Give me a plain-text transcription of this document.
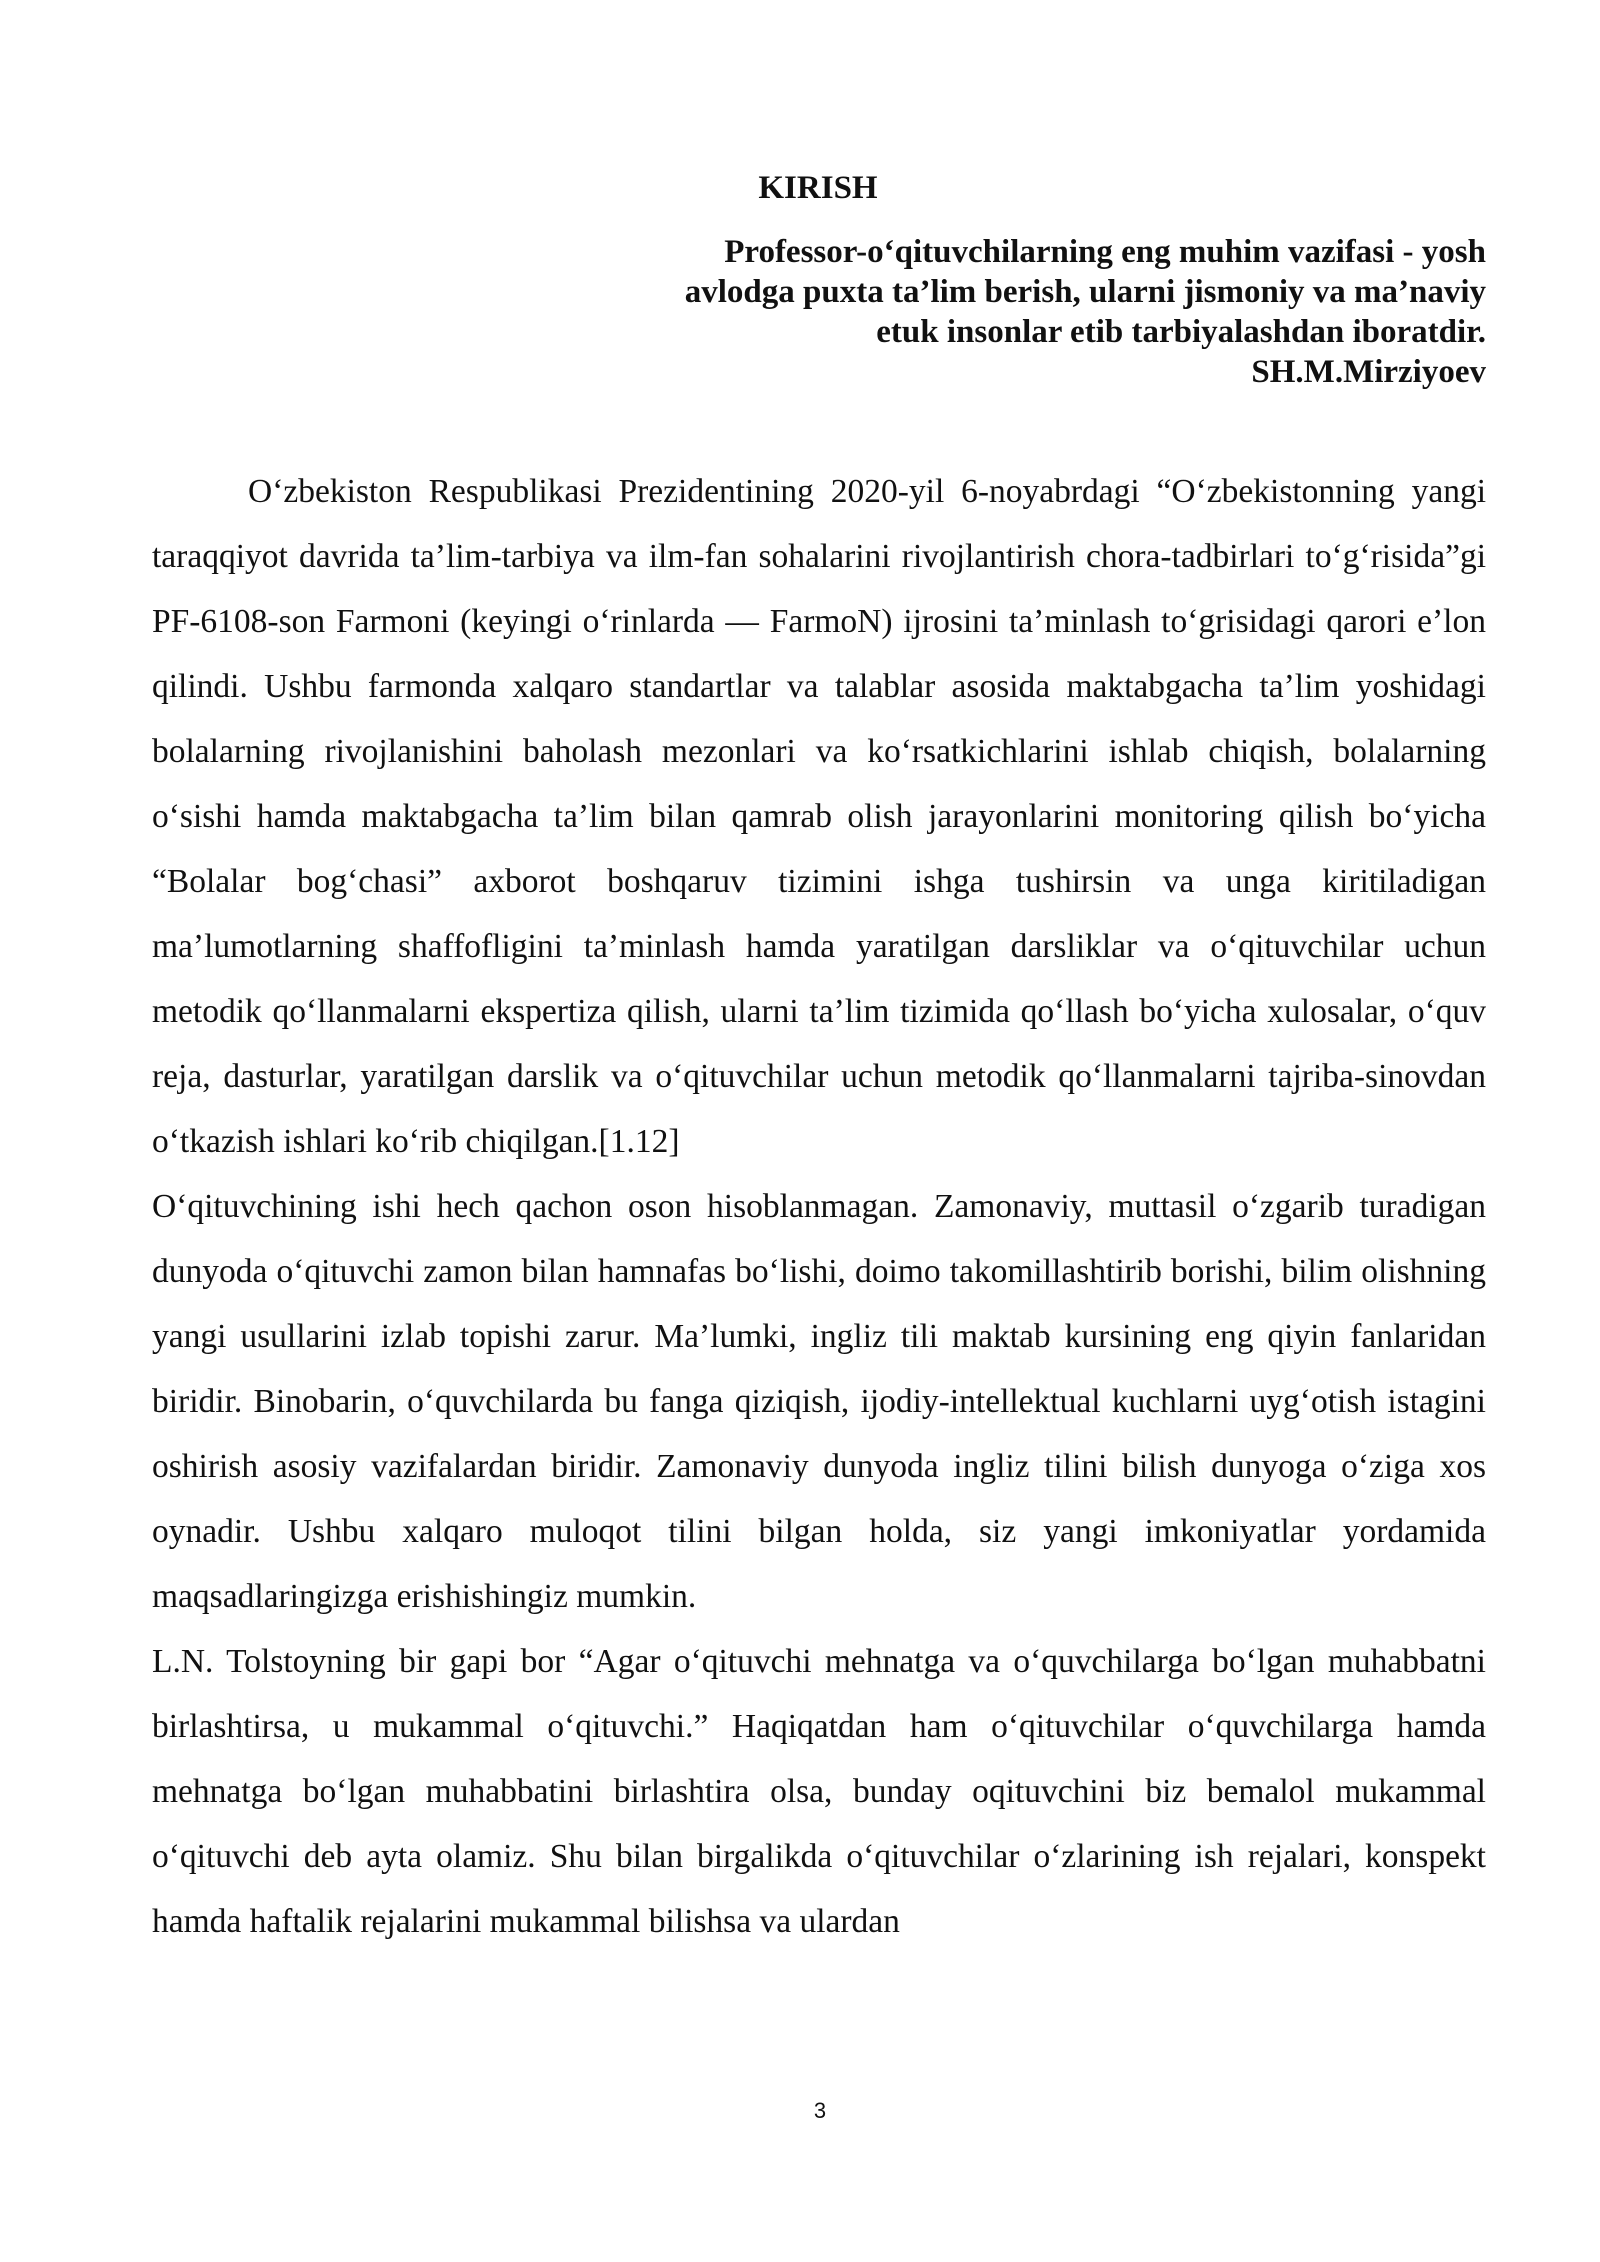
KIRISH
Professor-o‘qituvchilarning eng muhim vazifasi - yosh
avlodga puxta ta’lim berish, ularni jismoniy va ma’naviy
etuk insonlar etib tarbiyalashdan iboratdir.
SH.M.Mirziyoev

O‘zbekiston Respublikasi Prezidentining 2020-yil 6-noyabrdagi “O‘zbekistonning yangi taraqqiyot davrida ta’lim-tarbiya va ilm-fan sohalarini rivojlantirish chora-tadbirlari to‘g‘risida”gi PF-6108-son Farmoni (keyingi o‘rinlarda — FarmoN) ijrosini ta’minlash to‘grisidagi qarori e’lon qilindi. Ushbu farmonda xalqaro standartlar va talablar asosida maktabgacha ta’lim yoshidagi bolalarning rivojlanishini baholash mezonlari va ko‘rsatkichlarini ishlab chiqish, bolalarning o‘sishi hamda maktabgacha ta’lim bilan qamrab olish jarayonlarini monitoring qilish bo‘yicha “Bolalar bog‘chasi” axborot boshqaruv tizimini ishga tushirsin va unga kiritiladigan ma’lumotlarning shaffofligini ta’minlash hamda yaratilgan darsliklar va o‘qituvchilar uchun metodik qo‘llanmalarni ekspertiza qilish, ularni ta’lim tizimida qo‘llash bo‘yicha xulosalar, o‘quv reja, dasturlar, yaratilgan darslik va o‘qituvchilar uchun metodik qo‘llanmalarni tajriba-sinovdan o‘tkazish ishlari ko‘rib chiqilgan.[1.12]

O‘qituvchining ishi hech qachon oson hisoblanmagan. Zamonaviy, muttasil o‘zgarib turadigan dunyoda o‘qituvchi zamon bilan hamnafas bo‘lishi, doimo takomillashtirib borishi, bilim olishning yangi usullarini izlab topishi zarur. Ma’lumki, ingliz tili maktab kursining eng qiyin fanlaridan biridir. Binobarin, o‘quvchilarda bu fanga qiziqish, ijodiy-intellektual kuchlarni uyg‘otish istagini oshirish asosiy vazifalardan biridir. Zamonaviy dunyoda ingliz tilini bilish dunyoga o‘ziga xos oynadir. Ushbu xalqaro muloqot tilini bilgan holda, siz yangi imkoniyatlar yordamida maqsadlaringizga erishishingiz mumkin.

L.N. Tolstoyning bir gapi bor “Agar o‘qituvchi mehnatga va o‘quvchilarga bo‘lgan muhabbatni birlashtirsa, u mukammal o‘qituvchi.” Haqiqatdan ham o‘qituvchilar o‘quvchilarga hamda mehnatga bo‘lgan muhabbatini birlashtira olsa, bunday oqituvchini biz bemalol mukammal o‘qituvchi deb ayta olamiz. Shu bilan birgalikda o‘qituvchilar o‘zlarining ish rejalari, konspekt hamda haftalik rejalarini mukammal bilishsa va ulardan

3
